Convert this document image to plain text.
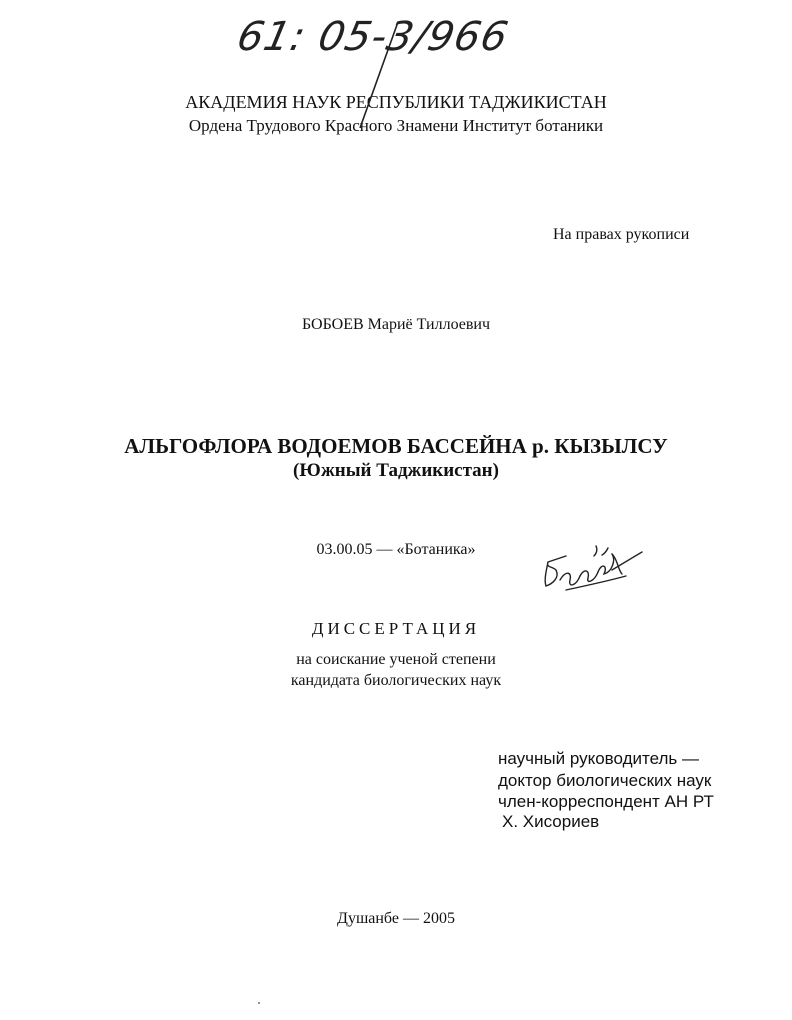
61: 05-3/966
АКАДЕМИЯ НАУК РЕСПУБЛИКИ ТАДЖИКИСТАН
Ордена Трудового Красного Знамени Институт ботаники
На правах рукописи
БОБОЕВ Мариё Тиллоевич
АЛЬГОФЛОРА ВОДОЕМОВ БАССЕЙНА р. КЫЗЫЛСУ
(Южный Таджикистан)
03.00.05 — «Ботаника»
ДИССЕРТАЦИЯ
на соискание ученой степени
кандидата биологических наук
научный руководитель —
доктор биологических наук
член-корреспондент АН РТ
Х. Хисориев
Душанбе — 2005
